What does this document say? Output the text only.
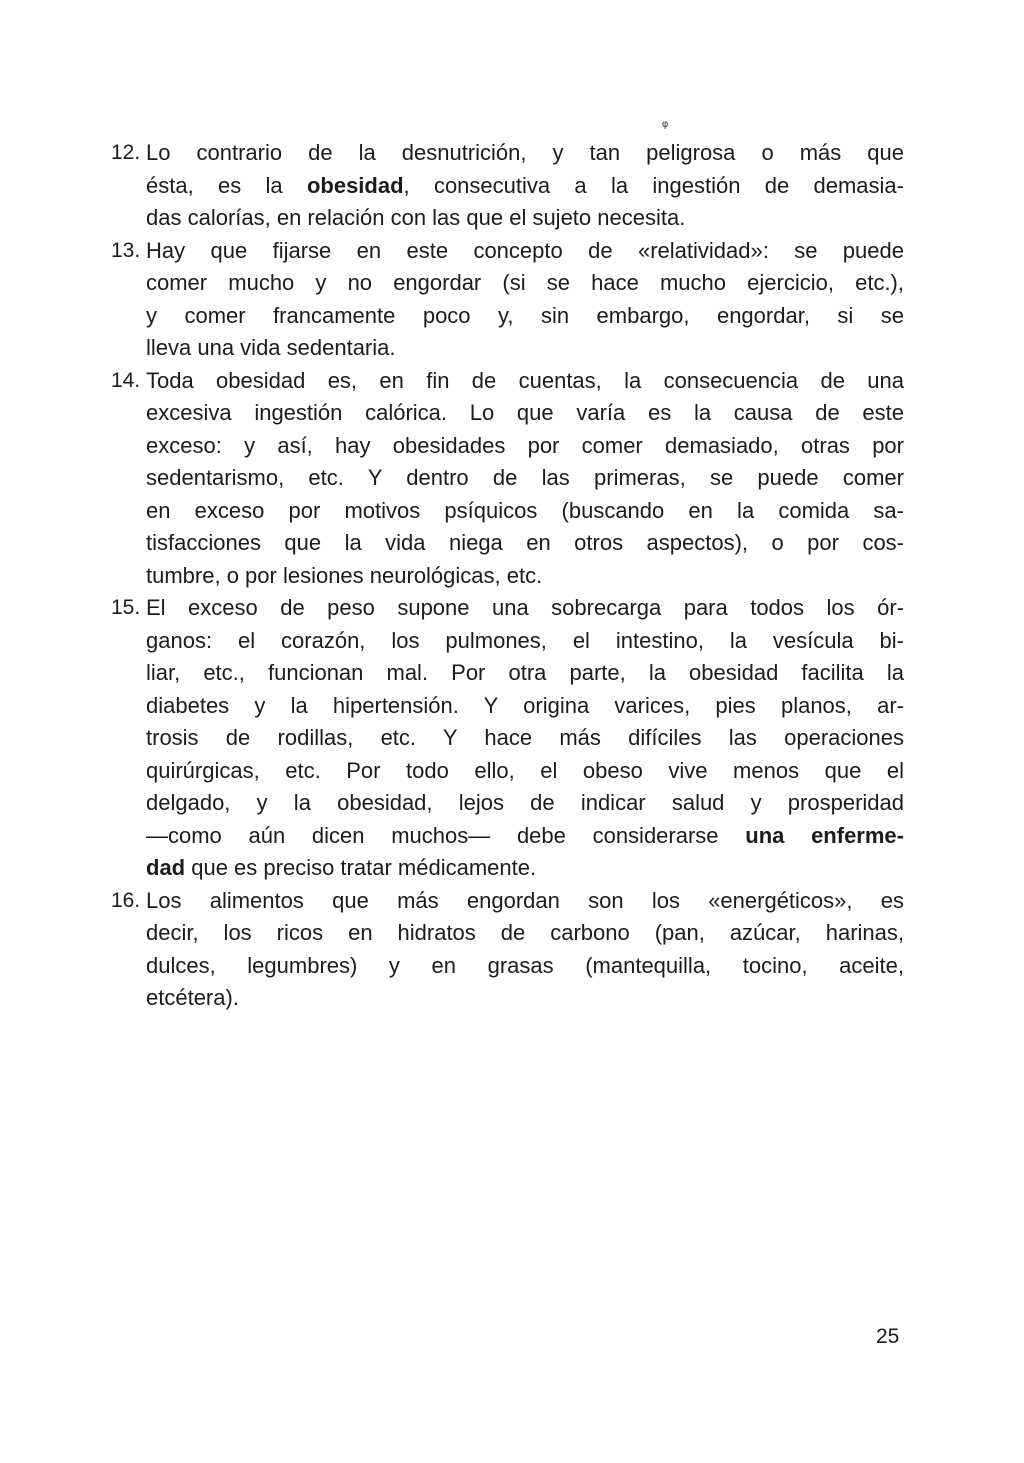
ᵩ
12. Lo contrario de la desnutrición, y tan peligrosa o más que
ésta, es la obesidad, consecutiva a la ingestión de demasia-
das calorías, en relación con las que el sujeto necesita.
13. Hay que fijarse en este concepto de «relatividad»: se puede
comer mucho y no engordar (si se hace mucho ejercicio, etc.),
y comer francamente poco y, sin embargo, engordar, si se
lleva una vida sedentaria.
14. Toda obesidad es, en fin de cuentas, la consecuencia de una
excesiva ingestión calórica. Lo que varía es la causa de este
exceso: y así, hay obesidades por comer demasiado, otras por
sedentarismo, etc. Y dentro de las primeras, se puede comer
en exceso por motivos psíquicos (buscando en la comida sa-
tisfacciones que la vida niega en otros aspectos), o por cos-
tumbre, o por lesiones neurológicas, etc.
15. El exceso de peso supone una sobrecarga para todos los ór-
ganos: el corazón, los pulmones, el intestino, la vesícula bi-
liar, etc., funcionan mal. Por otra parte, la obesidad facilita la
diabetes y la hipertensión. Y origina varices, pies planos, ar-
trosis de rodillas, etc. Y hace más difíciles las operaciones
quirúrgicas, etc. Por todo ello, el obeso vive menos que el
delgado, y la obesidad, lejos de indicar salud y prosperidad
—como aún dicen muchos— debe considerarse una enferme-
dad que es preciso tratar médicamente.
16. Los alimentos que más engordan son los «energéticos», es
decir, los ricos en hidratos de carbono (pan, azúcar, harinas,
dulces, legumbres) y en grasas (mantequilla, tocino, aceite,
etcétera).
25
